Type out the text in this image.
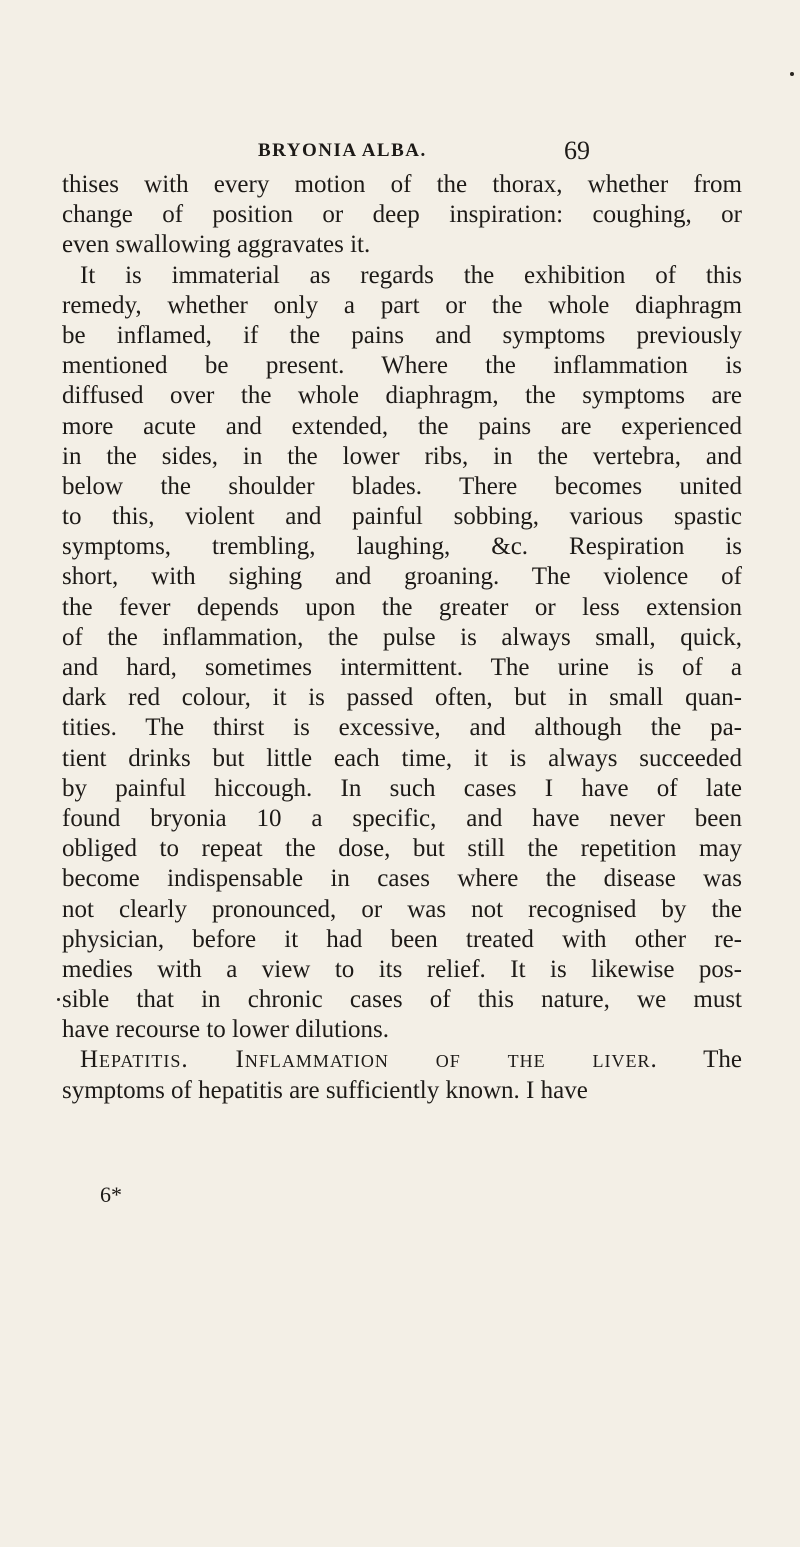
BRYONIA ALBA.	69
thises with every motion of the thorax, whether from
change of position or deep inspiration: coughing, or
even swallowing aggravates it.
It is immaterial as regards the exhibition of this
remedy, whether only a part or the whole diaphragm
be inflamed, if the pains and symptoms previously
mentioned be present. Where the inflammation is
diffused over the whole diaphragm, the symptoms are
more acute and extended, the pains are experienced
in the sides, in the lower ribs, in the vertebra, and
below the shoulder blades. There becomes united
to this, violent and painful sobbing, various spastic
symptoms, trembling, laughing, &c. Respiration is
short, with sighing and groaning. The violence of
the fever depends upon the greater or less extension
of the inflammation, the pulse is always small, quick,
and hard, sometimes intermittent. The urine is of a
dark red colour, it is passed often, but in small quan-
tities. The thirst is excessive, and although the pa-
tient drinks but little each time, it is always succeeded
by painful hiccough. In such cases I have of late
found bryonia 10 a specific, and have never been
obliged to repeat the dose, but still the repetition may
become indispensable in cases where the disease was
not clearly pronounced, or was not recognised by the
physician, before it had been treated with other re-
medies with a view to its relief. It is likewise pos-
sible that in chronic cases of this nature, we must
have recourse to lower dilutions.
Hepatitis. Inflammation of the liver. The
symptoms of hepatitis are sufficiently known. I have
6*
